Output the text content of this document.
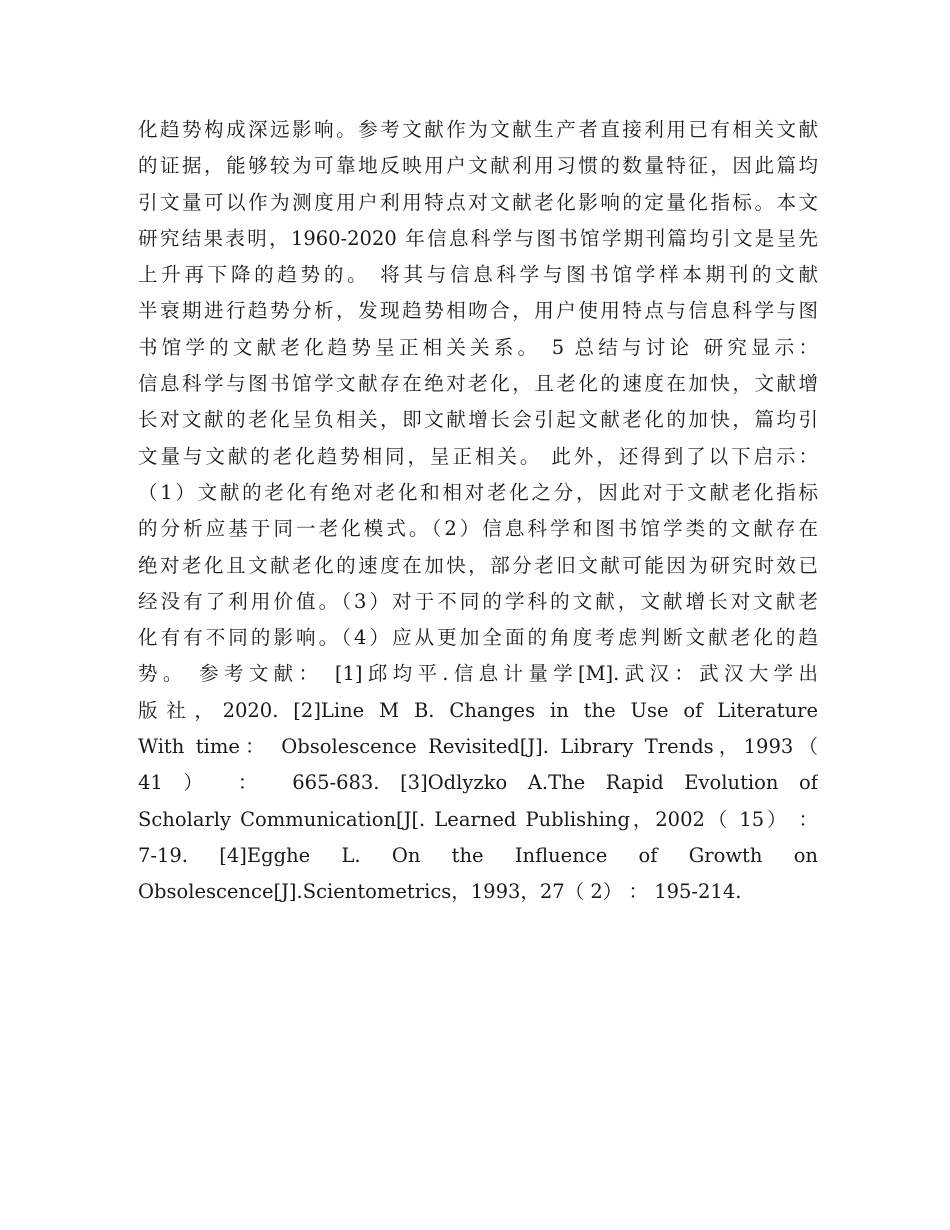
化趋势构成深远影响。参考文献作为文献生产者直接利用已有相关文献
的证据，能够较为可靠地反映用户文献利用习惯的数量特征，因此篇均
引文量可以作为测度用户利用特点对文献老化影响的定量化指标。本文
研究结果表明，1960-2020 年信息科学与图书馆学期刊篇均引文是呈先
上升再下降的趋势的。 将其与信息科学与图书馆学样本期刊的文献
半衰期进行趋势分析，发现趋势相吻合，用户使用特点与信息科学与图
书馆学的文献老化趋势呈正相关关系。 5 总结与讨论 研究显示：
信息科学与图书馆学文献存在绝对老化，且老化的速度在加快，文献增
长对文献的老化呈负相关，即文献增长会引起文献老化的加快，篇均引
文量与文献的老化趋势相同，呈正相关。 此外，还得到了以下启示：
（1）文献的老化有绝对老化和相对老化之分，因此对于文献老化指标
的分析应基于同一老化模式。（2）信息科学和图书馆学类的文献存在
绝对老化且文献老化的速度在加快，部分老旧文献可能因为研究时效已
经没有了利用价值。（3）对于不同的学科的文献，文献增长对文献老
化有有不同的影响。（4）应从更加全面的角度考虑判断文献老化的趋
势。 参考文献： [1]邱均平.信息计量学[M].武汉：武汉大学出
版社，2020. [2]Line M B. Changes in the Use of Literature
With time： Obsolescence Revisited[J]. Library Trends，1993（
41 ） ： 665-683. [3]Odlyzko A.The Rapid Evolution of
Scholarly Communication[J[. Learned Publishing，2002（ 15） ：
7-19. [4]Egghe L. On the Influence of Growth on
Obsolescence[J].Scientometrics，1993，27（ 2） ： 195-214.
